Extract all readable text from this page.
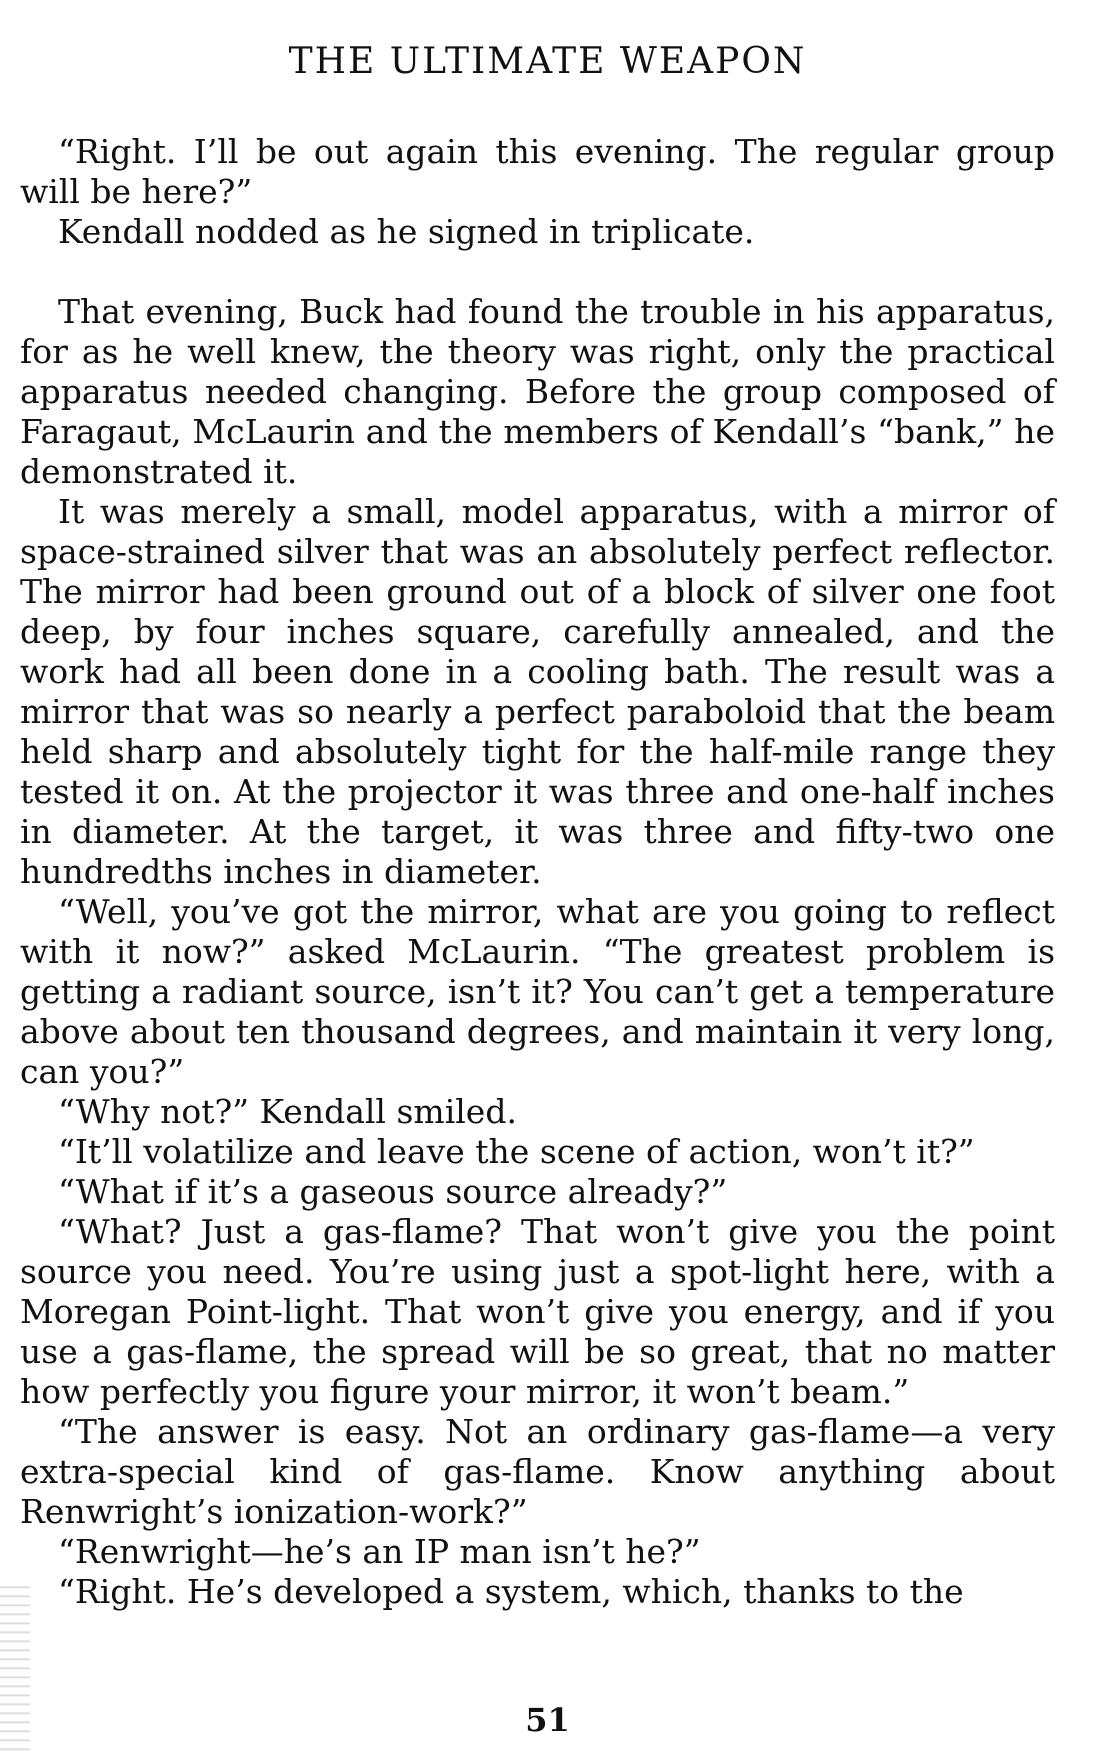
THE ULTIMATE WEAPON

“Right. I’ll be out again this evening. The regular group will be here?”

Kendall nodded as he signed in triplicate.

That evening, Buck had found the trouble in his apparatus, for as he well knew, the theory was right, only the practical apparatus needed changing. Before the group composed of Faragaut, McLaurin and the members of Kendall’s “bank,” he demonstrated it.

It was merely a small, model apparatus, with a mirror of space-strained silver that was an absolutely perfect reflector. The mirror had been ground out of a block of silver one foot deep, by four inches square, carefully annealed, and the work had all been done in a cooling bath. The result was a mirror that was so nearly a perfect paraboloid that the beam held sharp and absolutely tight for the half-mile range they tested it on. At the projector it was three and one-half inches in diameter. At the target, it was three and fifty-two one hundredths inches in diameter.

“Well, you’ve got the mirror, what are you going to reflect with it now?” asked McLaurin. “The greatest problem is getting a radiant source, isn’t it? You can’t get a temperature above about ten thousand degrees, and maintain it very long, can you?”

“Why not?” Kendall smiled.

“It’ll volatilize and leave the scene of action, won’t it?”

“What if it’s a gaseous source already?”

“What? Just a gas-flame? That won’t give you the point source you need. You’re using just a spot-light here, with a Moregan Point-light. That won’t give you energy, and if you use a gas-flame, the spread will be so great, that no matter how perfectly you figure your mirror, it won’t beam.”

“The answer is easy. Not an ordinary gas-flame—a very extra-special kind of gas-flame. Know anything about Renwright’s ionization-work?”

“Renwright—he’s an IP man isn’t he?”

“Right. He’s developed a system, which, thanks to the

51
